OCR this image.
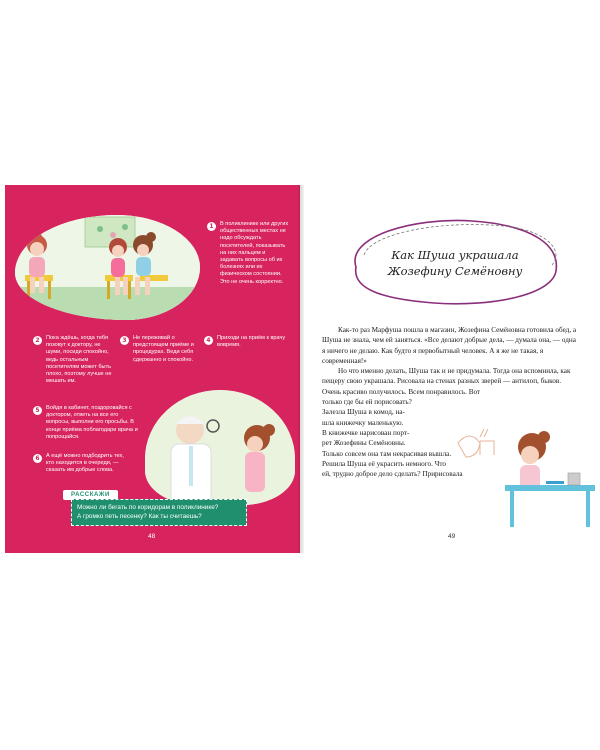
1	В поликлинике или других общественных местах не надо обсуждать посетителей, показывать на них пальцем и задавать вопросы об их болезнях или их физическом состоянии. Это не очень корректно.
2	Пока ждёшь, когда тебя позовут к доктору, не шуми, посиди спокойно, ведь остальным посетителям может быть плохо, поэтому лучше не мешать им.
3	Не переживай о предстоящем приёме и процедурах. Веди себя сдержанно и спокойно.
4	Приходи на приём к врачу вовремя.
5	Войдя в кабинет, поздоровайся с доктором, ответь на все его вопросы, выполни его просьбы. В конце приёма поблагодари врача и попрощайся.
6	А ещё можно подбодрить тех, кто находится в очереди, — сказать им добрые слова.
РАССКАЖИ
Можно ли бегать по коридорам в поликлинике?
А громко петь песенку? Как ты считаешь?
48
Как Шуша украшала
Жозефину Семёновну

Как-то раз Марфуша пошла в магазин, Жозефина Семёновна готовила обед, а Шуша не знала, чем ей заняться. «Все делают добрые дела, — думала она, — одна я ничего не делаю. Как будто я первобытный человек. А я же не такая, я современная!»

Но что именно делать, Шуша так и не придумала. Тогда она вспомнила, как пещеру свою украшала. Рисовала на стенах разных зверей — антилоп, быков. Очень красиво получилось. Всем понравилось. Вот

только где бы ей порисовать?
Залезла Шуша в комод, на-
шла книжечку маленькую.
В книжечке нарисован порт-
рет Жозефины Семёновны.
Только совсем она там некрасивая вышла.
Решила Шуша её украсить немного. Что
ей, трудно доброе дело сделать? Пририсовала
49
